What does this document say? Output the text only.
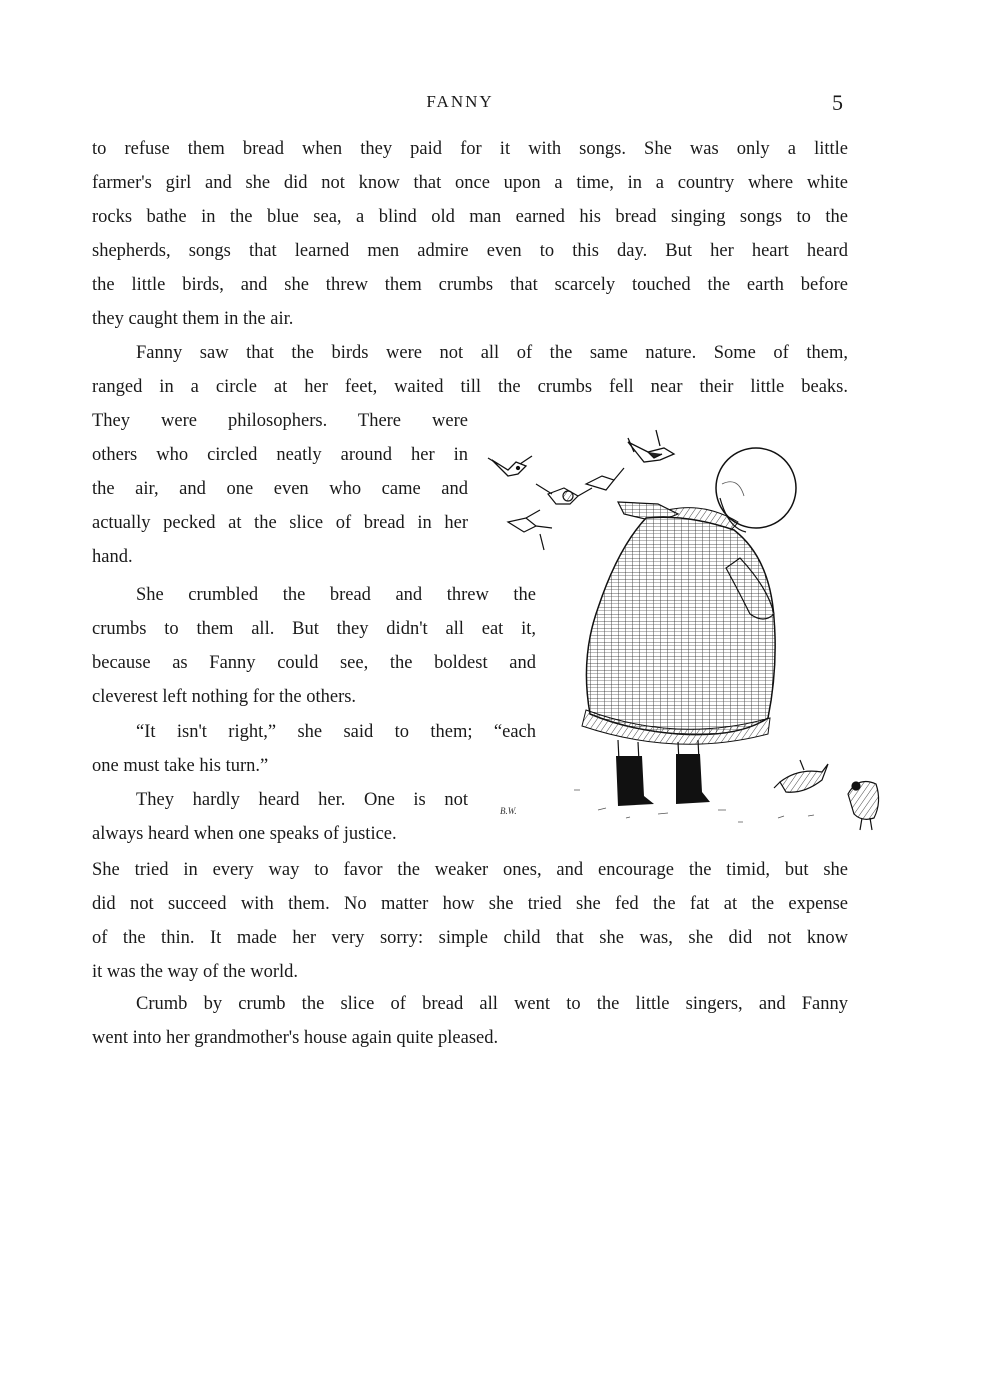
FANNY	5
to refuse them bread when they paid for it with songs. She was only a little
farmer's girl and she did not know that once upon a time, in a country where white
rocks bathe in the blue sea, a blind old man earned his bread singing songs to the
shepherds, songs that learned men admire even to this day. But her heart heard
the little birds, and she threw them crumbs that scarcely touched the earth before
they caught them in the air.
Fanny saw that the birds were not all of the same nature. Some of them,
ranged in a circle at her feet, waited till the crumbs fell near their little beaks.
They were philosophers. There were
others who circled neatly around her in
the air, and one even who came and
actually pecked at the slice of bread in her
hand.
She crumbled the bread and threw the
crumbs to them all. But they didn't all eat it,
because as Fanny could see, the boldest and
cleverest left nothing for the others.
“It isn't right,” she said to them; “each
one must take his turn.”
They hardly heard her. One is not
always heard when one speaks of justice.
She tried in every way to favor the weaker ones, and encourage the timid, but she
did not succeed with them. No matter how she tried she fed the fat at the expense
of the thin. It made her very sorry: simple child that she was, she did not know
it was the way of the world.
Crumb by crumb the slice of bread all went to the little singers, and Fanny
went into her grandmother's house again quite pleased.
B.W.
